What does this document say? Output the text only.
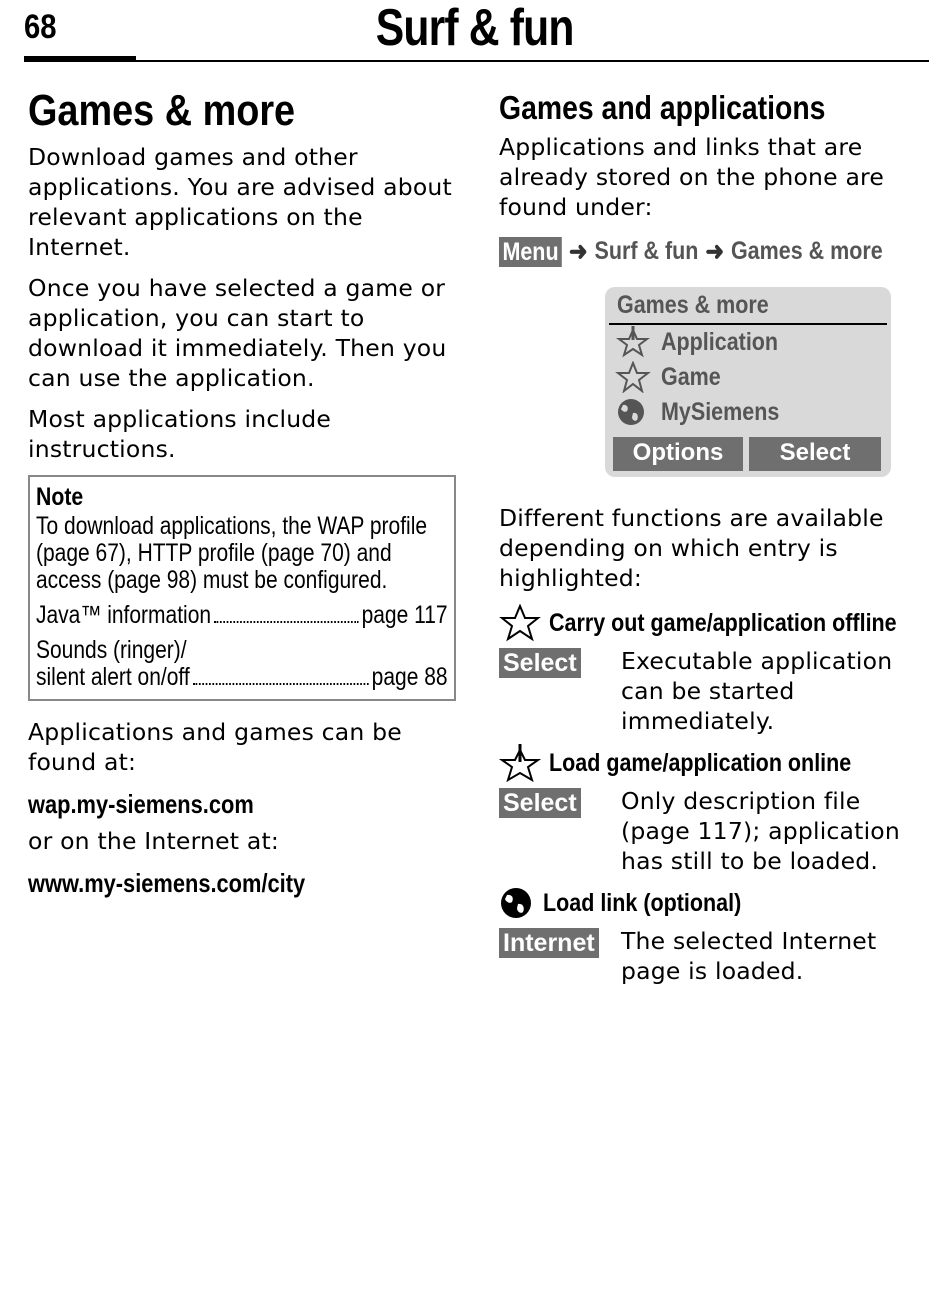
68	Surf & fun
Games & more

Download games and other applications. You are advised about relevant applications on the Internet.

Once you have selected a game or application, you can start to download it immediately. Then you can use the application.

Most applications include instructions.

Note
To download applications, the WAP profile (page 67), HTTP profile (page 70) and access (page 98) must be configured.
Java™ information	page 117
Sounds (ringer)/
silent alert on/off	page 88

Applications and games can be found at:

wap.my-siemens.com

or on the Internet at:

www.my-siemens.com/city
Games and applications

Applications and links that are already stored on the phone are found under:

Menu ➜ Surf & fun ➜ Games & more
Games & more
Application
Game
MySiemens
Options	Select

Different functions are available depending on which entry is highlighted:

Carry out game/application offline
Select	Executable application can be started immediately.
Load game/application online
Select	Only description file (page 117); application has still to be loaded.
Load link (optional)
Internet	The selected Internet page is loaded.
